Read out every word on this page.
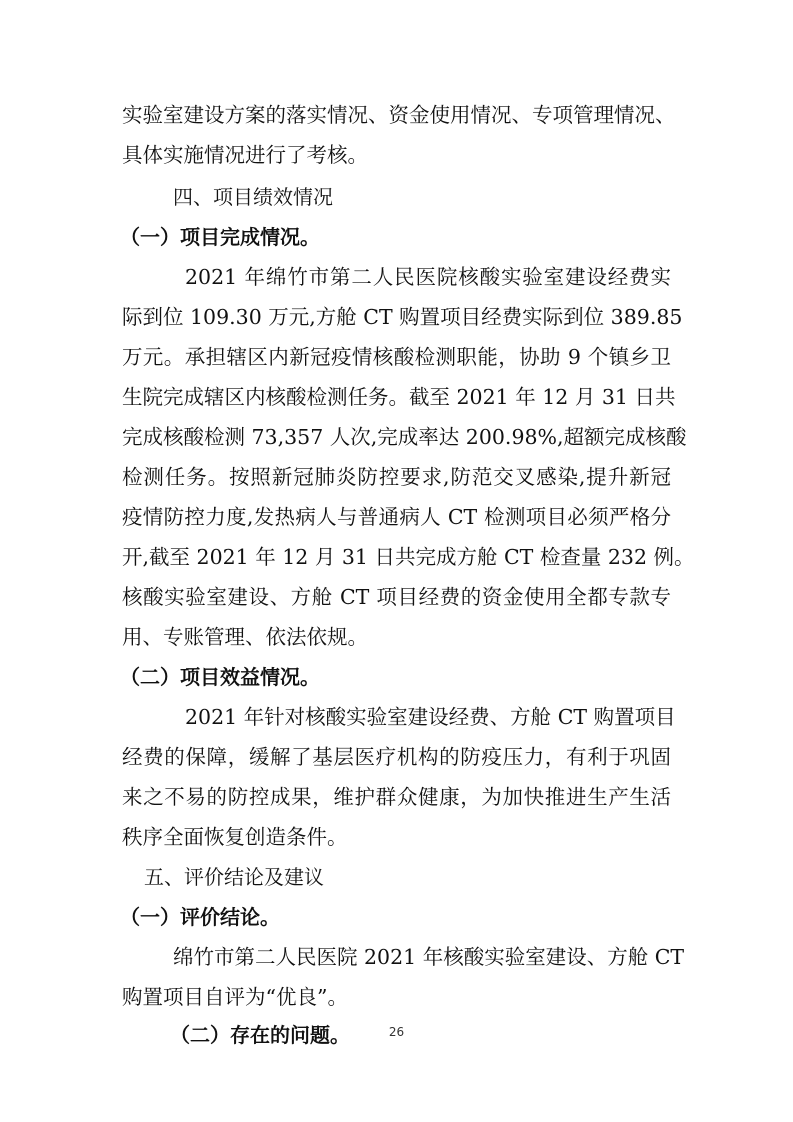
实验室建设方案的落实情况、资金使用情况、专项管理情况、
具体实施情况进行了考核。
四、项目绩效情况
（一）项目完成情况。
2021 年绵竹市第二人民医院核酸实验室建设经费实
际到位 109.30 万元,方舱 CT 购置项目经费实际到位 389.85
万元。承担辖区内新冠疫情核酸检测职能，协助 9 个镇乡卫
生院完成辖区内核酸检测任务。截至 2021 年 12 月 31 日共
完成核酸检测 73,357 人次,完成率达 200.98%,超额完成核酸
检测任务。按照新冠肺炎防控要求,防范交叉感染,提升新冠
疫情防控力度,发热病人与普通病人 CT 检测项目必须严格分
开,截至 2021 年 12 月 31 日共完成方舱 CT 检查量 232 例。
核酸实验室建设、方舱 CT 项目经费的资金使用全都专款专
用、专账管理、依法依规。
（二）项目效益情况。
2021 年针对核酸实验室建设经费、方舱 CT 购置项目
经费的保障，缓解了基层医疗机构的防疫压力，有利于巩固
来之不易的防控成果，维护群众健康，为加快推进生产生活
秩序全面恢复创造条件。
五、评价结论及建议
（一）评价结论。
绵竹市第二人民医院 2021 年核酸实验室建设、方舱 CT
购置项目自评为“优良”。
（二）存在的问题。	26
